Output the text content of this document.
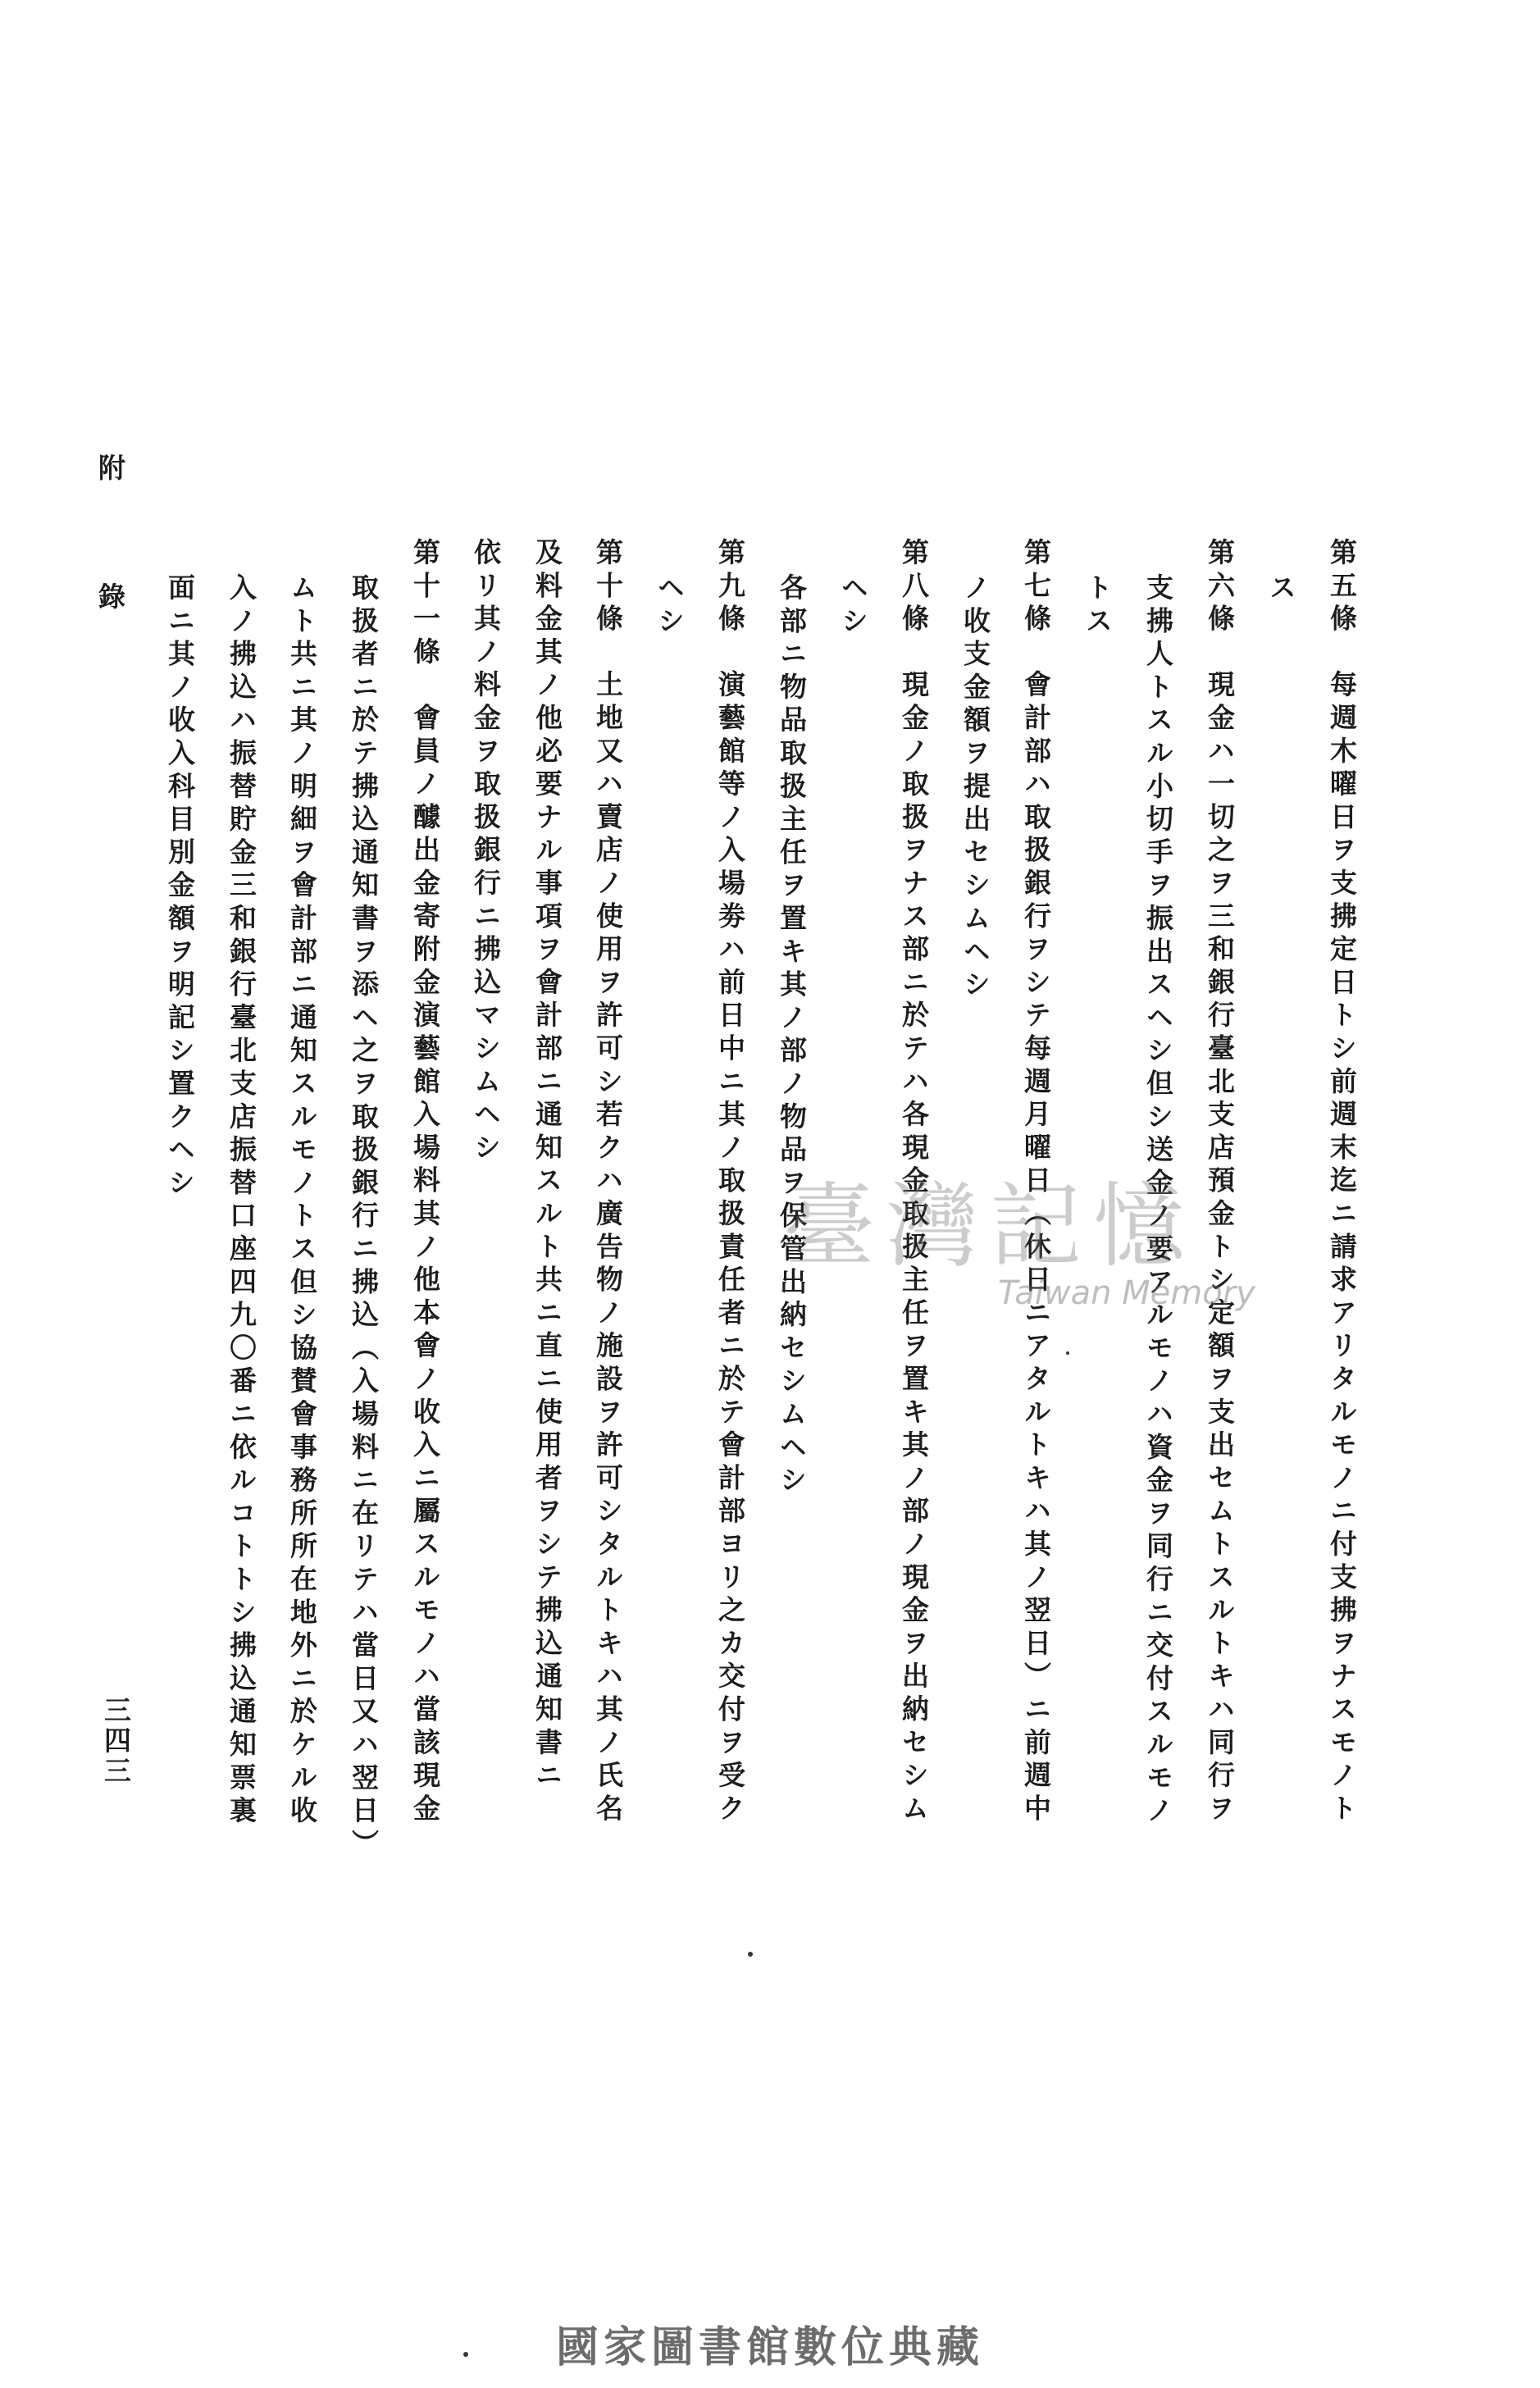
第五條　每週木曜日ヲ支拂定日トシ前週末迄ニ請求アリタルモノニ付支拂ヲナスモノト
ス
第六條　現金ハ一切之ヲ三和銀行臺北支店預金トシ定額ヲ支出セムトスルトキハ同行ヲ
支拂人トスル小切手ヲ振出スヘシ但シ送金ノ要アルモノハ資金ヲ同行ニ交付スルモノ
トス
第七條　會計部ハ取扱銀行ヲシテ每週月曜日（休日ニアタルトキハ其ノ翌日）ニ前週中
ノ收支金額ヲ提出セシムヘシ
第八條　現金ノ取扱ヲナス部ニ於テハ各現金取扱主任ヲ置キ其ノ部ノ現金ヲ出納セシム
ヘシ
各部ニ物品取扱主任ヲ置キ其ノ部ノ物品ヲ保管出納セシムヘシ
第九條　演藝館等ノ入場劵ハ前日中ニ其ノ取扱責任者ニ於テ會計部ヨリ之カ交付ヲ受ク
ヘシ
第十條　土地又ハ賣店ノ使用ヲ許可シ若クハ廣告物ノ施設ヲ許可シタルトキハ其ノ氏名
及料金其ノ他必要ナル事項ヲ會計部ニ通知スルト共ニ直ニ使用者ヲシテ拂込通知書ニ
依リ其ノ料金ヲ取扱銀行ニ拂込マシムヘシ
第十一條　會員ノ醵出金寄附金演藝館入場料其ノ他本會ノ收入ニ屬スルモノハ當該現金
取扱者ニ於テ拂込通知書ヲ添ヘ之ヲ取扱銀行ニ拂込（入場料ニ在リテハ當日又ハ翌日）
ムト共ニ其ノ明細ヲ會計部ニ通知スルモノトス但シ協賛會事務所所在地外ニ於ケル收
入ノ拂込ハ振替貯金三和銀行臺北支店振替口座四九〇番ニ依ルコトトシ拂込通知票裏
面ニ其ノ收入科目別金額ヲ明記シ置クヘシ
附
錄
三四三
臺灣記憶
Taiwan Memory
國家圖書館數位典藏
